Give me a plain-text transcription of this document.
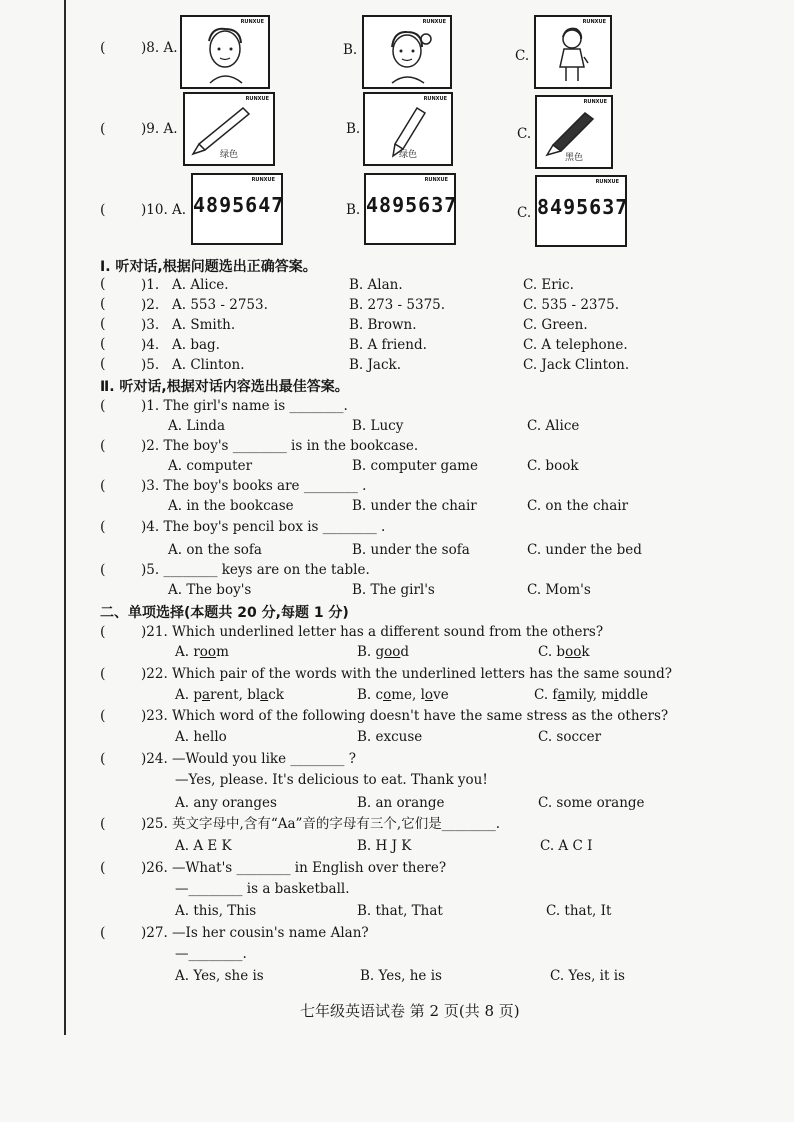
(	)8. A.
RUNXUE
B.
RUNXUE
C.
RUNXUE
(	)9. A.
RUNXUE
绿色
B.
RUNXUE
绿色
C.
RUNXUE
黑色
(	)10. A.
RUNXUE
4895647	B.
RUNXUE
4895637	C.
RUNXUE
8495637
Ⅰ. 听对话,根据问题选出正确答案。
(	)1. A. Alice.	B. Alan.	C. Eric.
(	)2. A. 553 - 2753.	B. 273 - 5375.	C. 535 - 2375.
(	)3. A. Smith.	B. Brown.	C. Green.
(	)4. A. bag.	B. A friend.	C. A telephone.
(	)5. A. Clinton.	B. Jack.	C. Jack Clinton.
Ⅱ. 听对话,根据对话内容选出最佳答案。
(	)1. The girl's name is ________.
A. Linda	B. Lucy	C. Alice
(	)2. The boy's ________ is in the bookcase.
A. computer	B. computer game	C. book
(	)3. The boy's books are ________ .
A. in the bookcase	B. under the chair	C. on the chair
(	)4. The boy's pencil box is ________ .
A. on the sofa	B. under the sofa	C. under the bed
(	)5. ________ keys are on the table.
A. The boy's	B. The girl's	C. Mom's
二、单项选择(本题共 20 分,每题 1 分)
(	)21. Which underlined letter has a different sound from the others?
A. room	B. good	C. book
(	)22. Which pair of the words with the underlined letters has the same sound?
A. parent, black	B. come, love	C. family, middle
(	)23. Which word of the following doesn't have the same stress as the others?
A. hello	B. excuse	C. soccer
(	)24. —Would you like ________ ?
—Yes, please. It's delicious to eat. Thank you!
A. any oranges	B. an orange	C. some orange
(	)25. 英文字母中,含有“Aa”音的字母有三个,它们是________.
A. A E K	B. H J K	C. A C I
(	)26. —What's ________ in English over there?
—________ is a basketball.
A. this, This	B. that, That	C. that, It
(	)27. —Is her cousin's name Alan?
—________.
A. Yes, she is	B. Yes, he is	C. Yes, it is
七年级英语试卷 第 2 页(共 8 页)
